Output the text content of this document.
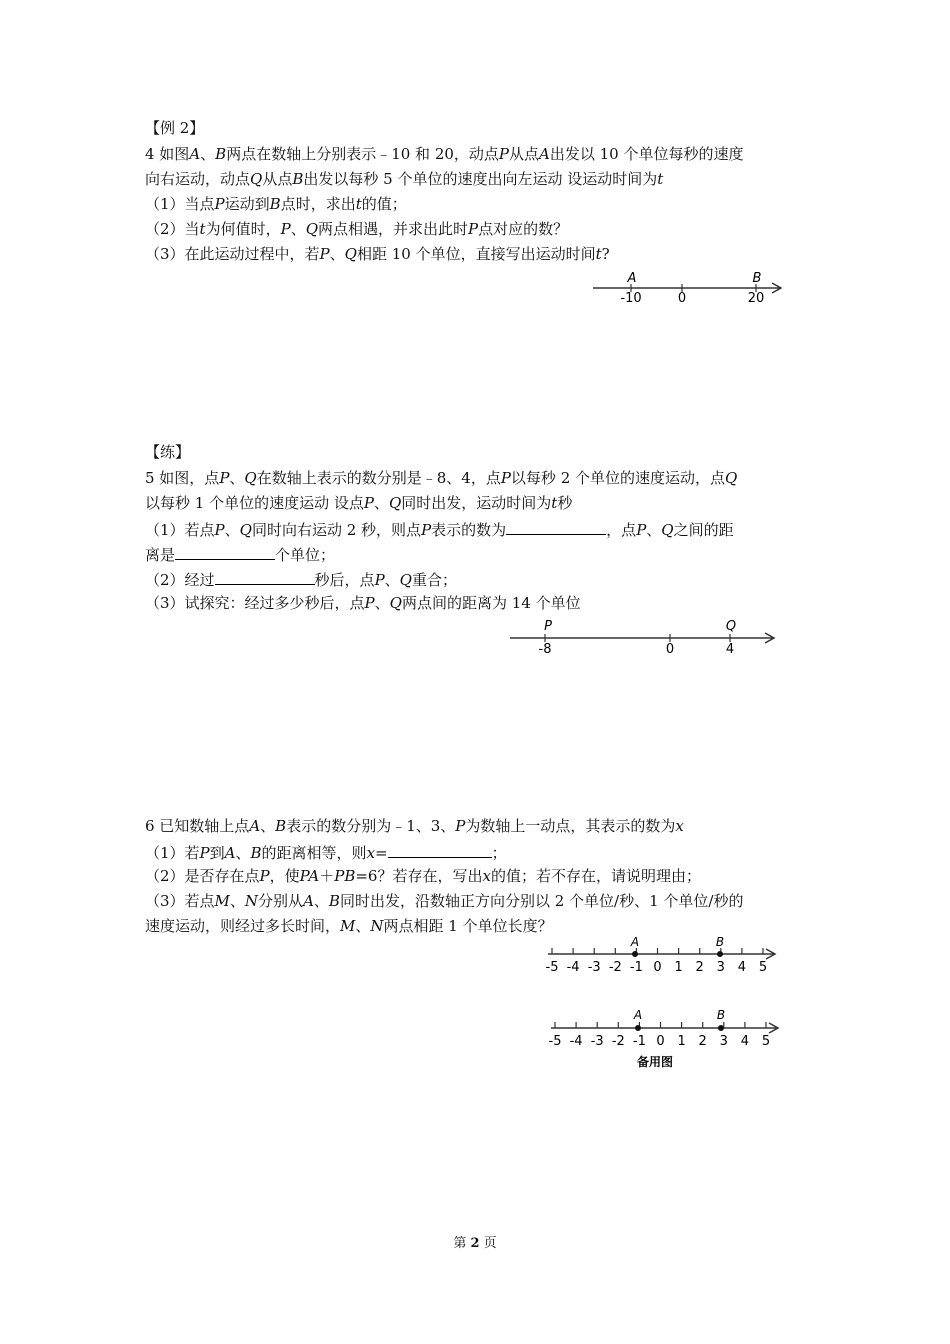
【例 2】
4 如图A、B两点在数轴上分别表示﹣10 和 20，动点P从点A出发以 10 个单位每秒的速度
向右运动，动点Q从点B出发以每秒 5 个单位的速度出向左运动 设运动时间为t
（1）当点P运动到B点时，求出t的值；
（2）当t为何值时，P、Q两点相遇，并求出此时P点对应的数？
（3）在此运动过程中，若P、Q相距 10 个单位，直接写出运动时间t?
A	B
-10	0	20
【练】
5 如图，点P、Q在数轴上表示的数分别是﹣8、4，点P以每秒 2 个单位的速度运动，点Q
以每秒 1 个单位的速度运动 设点P、Q同时出发，运动时间为t秒
（1）若点P、Q同时向右运动 2 秒，则点P表示的数为	，点P、Q之间的距
离是	个单位；
（2）经过	秒后，点P、Q重合；
（3）试探究：经过多少秒后，点P、Q两点间的距离为 14 个单位
P	Q
-8	0	4
6 已知数轴上点A、B表示的数分别为﹣1、3、P为数轴上一动点，其表示的数为x
（1）若P到A、B的距离相等，则x=	；
（2）是否存在点P，使PA＋PB=6？若存在，写出x的值；若不存在，请说明理由；
（3）若点M、N分别从A、B同时出发，沿数轴正方向分别以 2 个单位/秒、1 个单位/秒的
速度运动，则经过多长时间，M、N两点相距 1 个单位长度？
-5 -4 -3 -2 -1 0 1 2 3 4 5
A	B
-5 -4 -3 -2 -1 0 1 2 3 4 5
A	B
备用图
第 2 页
